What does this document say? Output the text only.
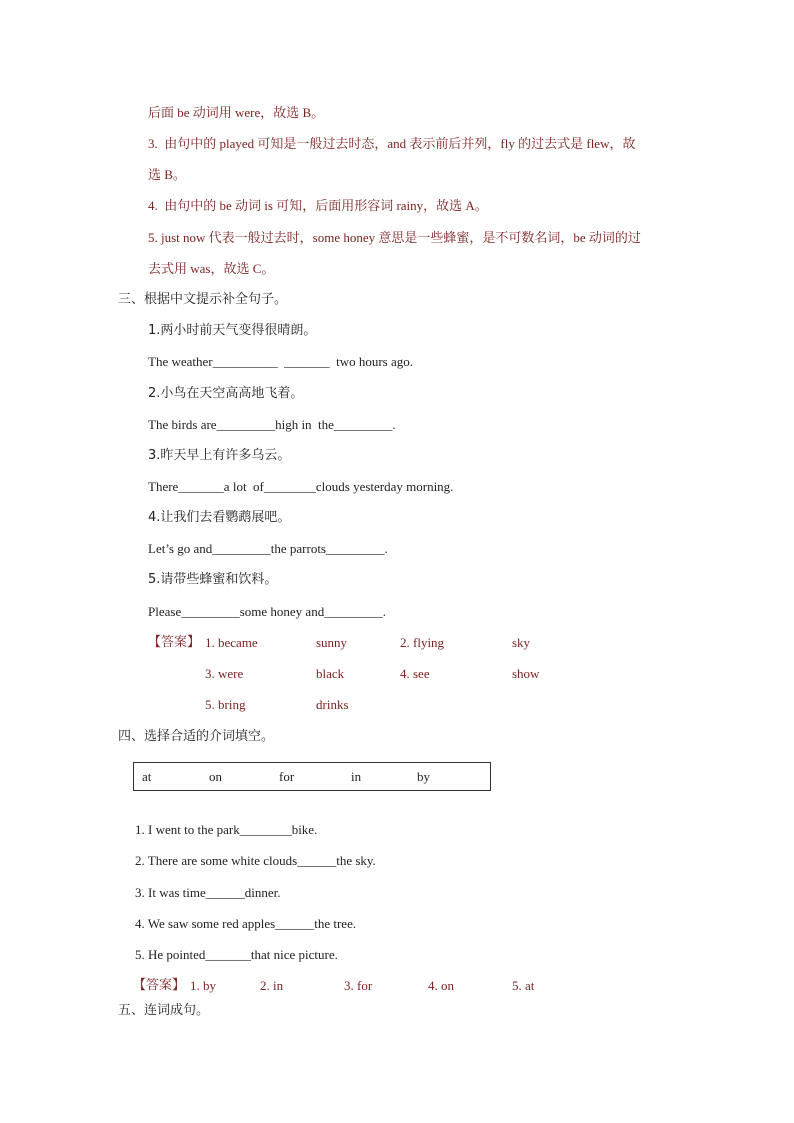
后面 be 动词用 were，故选 B。
3.  由句中的 played 可知是一般过去时态，and 表示前后并列，fly 的过去式是 flew，故
选 B。
4.  由句中的 be 动词 is 可知，后面用形容词 rainy，故选 A。
5. just now 代表一般过去时，some honey 意思是一些蜂蜜，是不可数名词，be 动词的过
去式用 was，故选 C。
三、根据中文提示补全句子。
1.两小时前天气变得很晴朗。
The weather__________  _______  two hours ago.
2.小鸟在天空高高地飞着。
The birds are_________high in  the_________.
3.昨天早上有许多乌云。
There_______a lot  of________clouds yesterday morning.
4.让我们去看鹦鹉展吧。
Let’s go and_________the parrots_________.
5.请带些蜂蜜和饮料。
Please_________some honey and_________.
【答案】 1. became	sunny	2. flying	sky
3. were	black	4. see	show
5. bring	drinks
四、选择合适的介词填空。
at	on	for	in	by
1. I went to the park________bike.
2. There are some white clouds______the sky.
3. It was time______dinner.
4. We saw some red apples______the tree.
5. He pointed_______that nice picture.
【答案】 1. by	2. in	3. for	4. on	5. at
五、连词成句。
